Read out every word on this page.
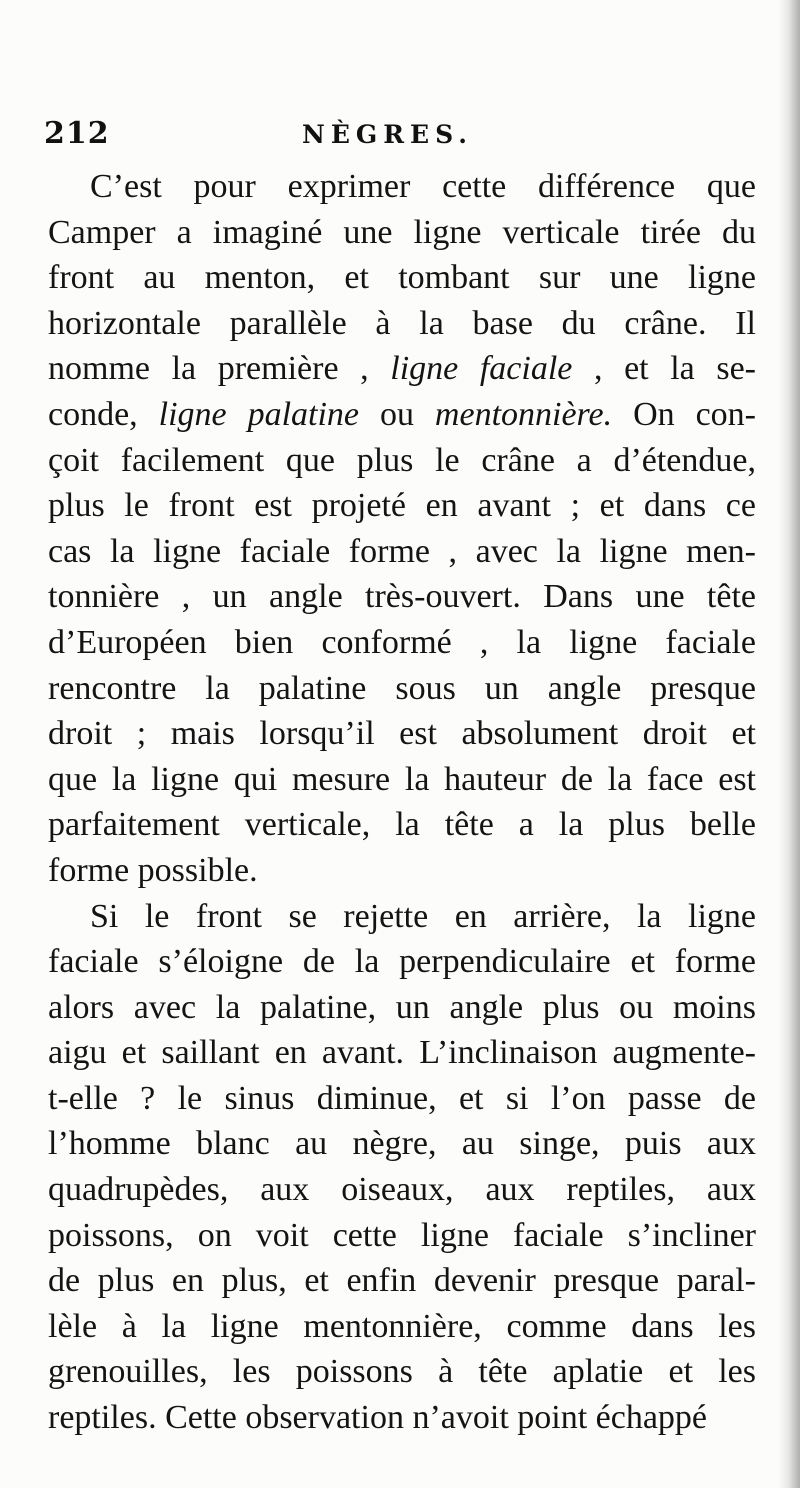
212	NÈGRES.
C’est pour exprimer cette différence que
Camper a imaginé une ligne verticale tirée du
front au menton, et tombant sur une ligne
horizontale parallèle à la base du crâne. Il
nomme la première , ligne faciale , et la se-
conde, ligne palatine ou mentonnière. On con-
çoit facilement que plus le crâne a d’étendue,
plus le front est projeté en avant ; et dans ce
cas la ligne faciale forme , avec la ligne men-
tonnière , un angle très-ouvert. Dans une tête
d’Européen bien conformé , la ligne faciale
rencontre la palatine sous un angle presque
droit ; mais lorsqu’il est absolument droit et
que la ligne qui mesure la hauteur de la face est
parfaitement verticale, la tête a la plus belle
forme possible.
Si le front se rejette en arrière, la ligne
faciale s’éloigne de la perpendiculaire et forme
alors avec la palatine, un angle plus ou moins
aigu et saillant en avant. L’inclinaison augmente-
t-elle ? le sinus diminue, et si l’on passe de
l’homme blanc au nègre, au singe, puis aux
quadrupèdes, aux oiseaux, aux reptiles, aux
poissons, on voit cette ligne faciale s’incliner
de plus en plus, et enfin devenir presque paral-
lèle à la ligne mentonnière, comme dans les
grenouilles, les poissons à tête aplatie et les
reptiles. Cette observation n’avoit point échappé
